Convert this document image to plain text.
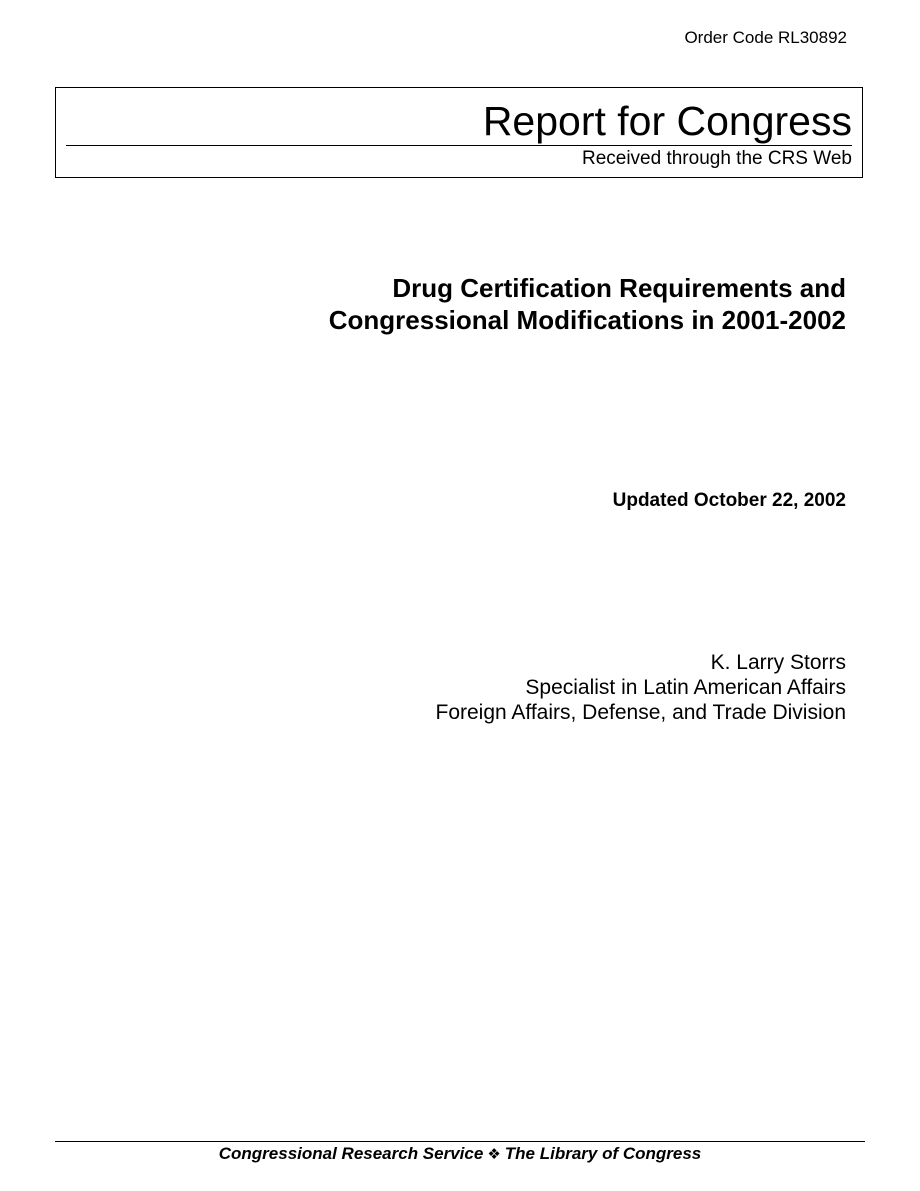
Order Code RL30892
Report for Congress
Received through the CRS Web
Drug Certification Requirements and
Congressional Modifications in 2001-2002
Updated October 22, 2002
K. Larry Storrs
Specialist in Latin American Affairs
Foreign Affairs, Defense, and Trade Division
Congressional Research Service ❖ The Library of Congress
